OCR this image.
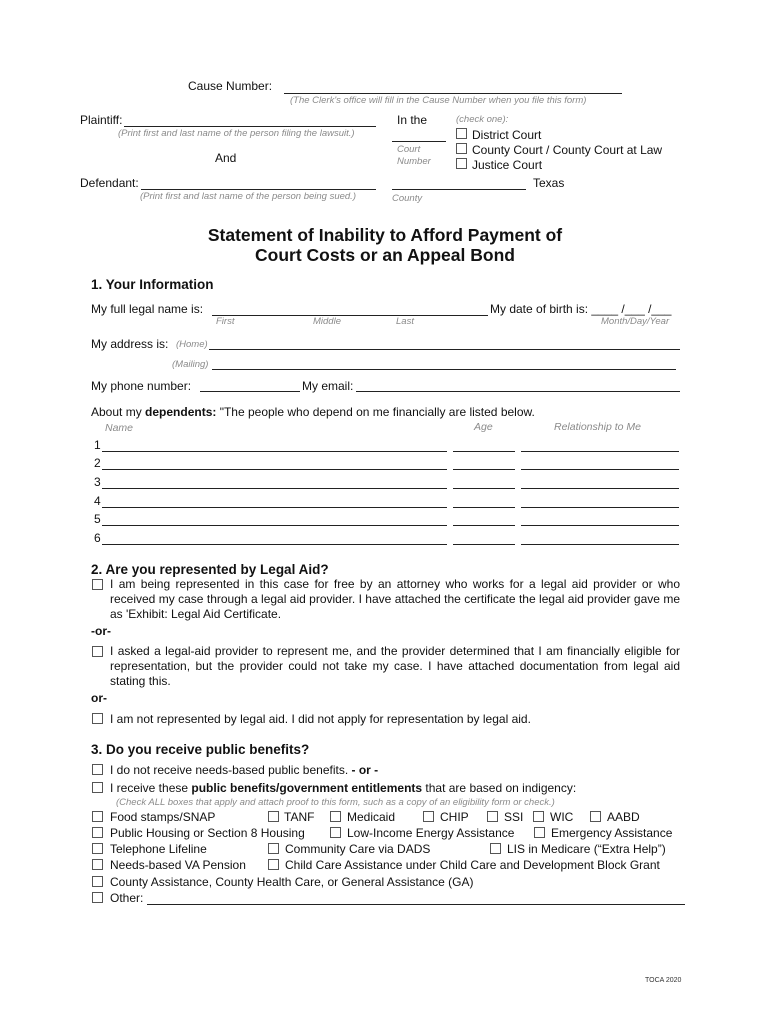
Cause Number:
(The Clerk's office will fill in the Cause Number when you file this form)
Plaintiff:
(Print first and last name of the person filing the lawsuit.)
And
Defendant:
(Print first and last name of the person being sued.)
In the
Court
Number
(check one):
District Court
County Court / County Court at Law
Justice Court
Texas
County
Statement of Inability to Afford Payment of
Court Costs or an Appeal Bond
1. Your Information
My full legal name is:
First	Middle	Last
My date of birth is: ____ /___ /___
Month/Day/Year
My address is: (Home)
(Mailing)
My phone number:	My email:
About my dependents: "The people who depend on me financially are listed below.
Name	Age	Relationship to Me
1
2
3
4
5
6
2. Are you represented by Legal Aid?
I am being represented in this case for free by an attorney who works for a legal aid provider or who received my case through a legal aid provider. I have attached the certificate the legal aid provider gave me as 'Exhibit: Legal Aid Certificate.
-or-
I asked a legal-aid provider to represent me, and the provider determined that I am financially eligible for representation, but the provider could not take my case. I have attached documentation from legal aid stating this.
or-
I am not represented by legal aid. I did not apply for representation by legal aid.
3. Do you receive public benefits?
I do not receive needs-based public benefits. - or -
I receive these public benefits/government entitlements that are based on indigency:
(Check ALL boxes that apply and attach proof to this form, such as a copy of an eligibility form or check.)
Food stamps/SNAP	TANF	Medicaid	CHIP	SSI WIC	AABD
Public Housing or Section 8 Housing	Low-Income Energy Assistance	Emergency Assistance
Telephone Lifeline	Community Care via DADS	LIS in Medicare (“Extra Help”)
Needs-based VA Pension	Child Care Assistance under Child Care and Development Block Grant
County Assistance, County Health Care, or General Assistance (GA)
Other:
TOCA 2020
